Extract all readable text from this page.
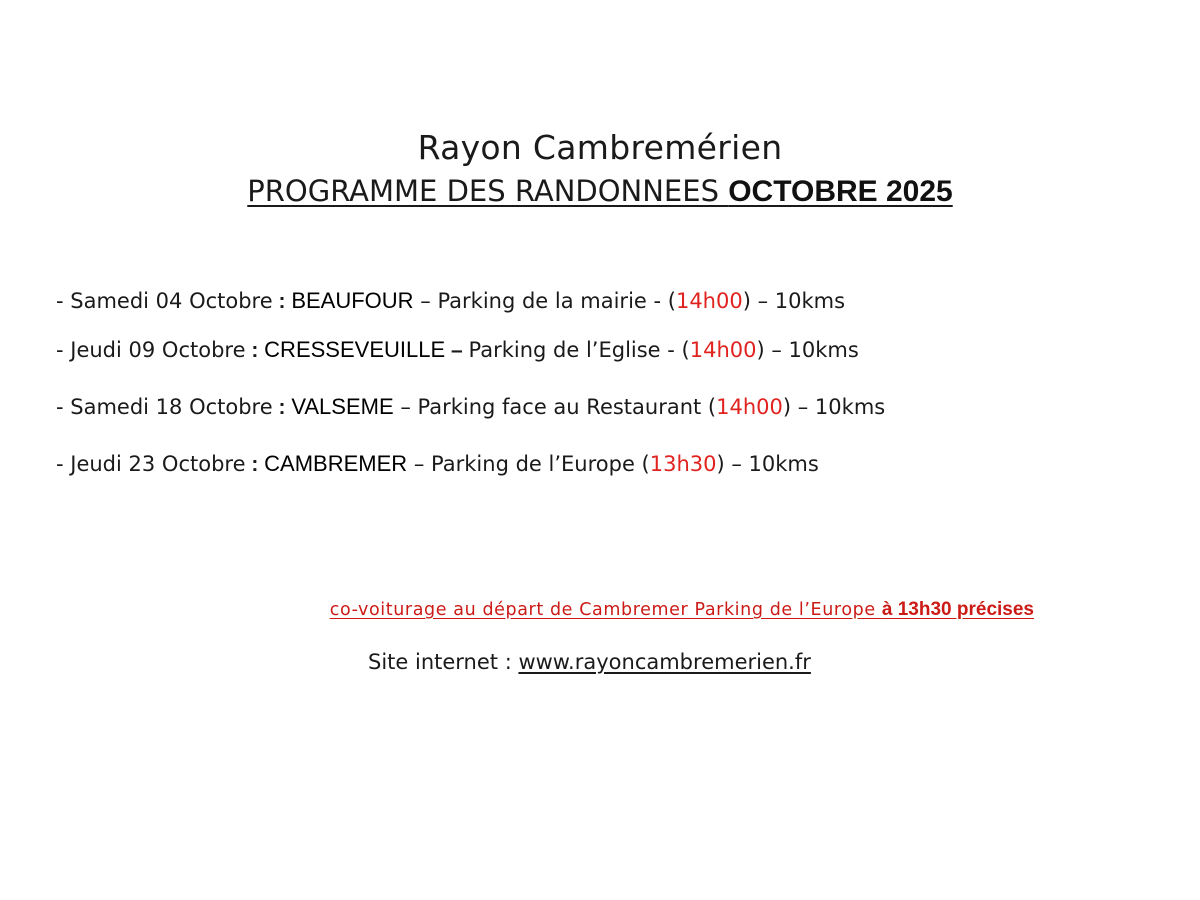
Rayon Cambremérien
PROGRAMME DES RANDONNEES OCTOBRE 2025
- Samedi 04 Octobre : BEAUFOUR – Parking de la mairie - (14h00) – 10kms
- Jeudi 09 Octobre : CRESSEVEUILLE – Parking de l’Eglise - (14h00) – 10kms
- Samedi 18 Octobre : VALSEME – Parking face au Restaurant (14h00) – 10kms
- Jeudi 23 Octobre : CAMBREMER – Parking de l’Europe (13h30) – 10kms
co-voiturage au départ de Cambremer Parking de l’Europe à 13h30 précises
Site internet : www.rayoncambremerien.fr
